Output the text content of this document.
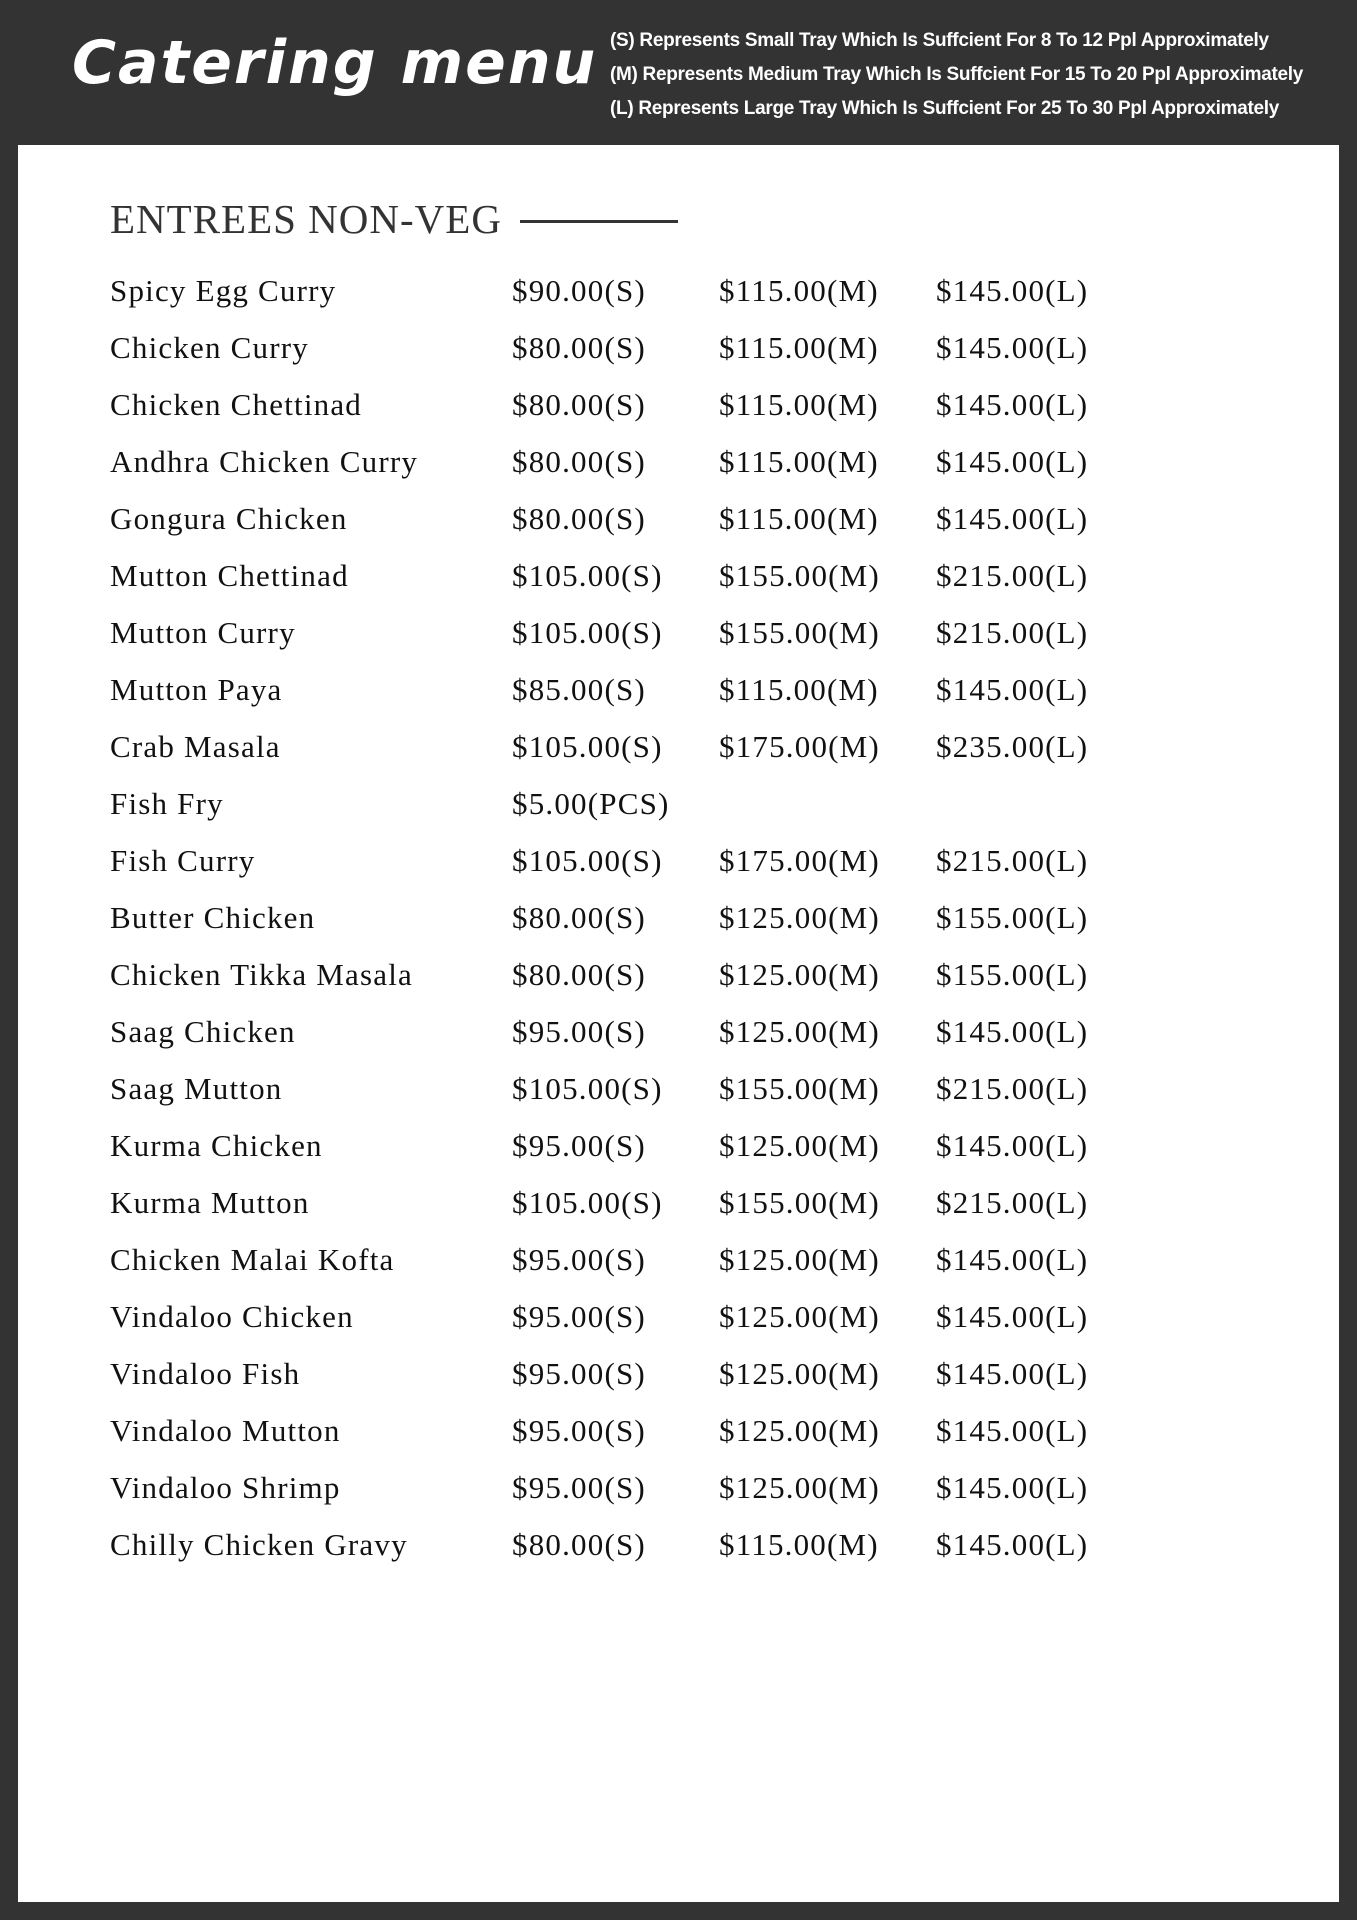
Catering menu (S) Represents Small Tray Which Is Suffcient For 8 To 12 Ppl Approximately
(M) Represents Medium Tray Which Is Suffcient For 15 To 20 Ppl Approximately
(L) Represents Large Tray Which Is Suffcient For 25 To 30 Ppl Approximately
ENTREES NON-VEG
Spicy Egg Curry	$90.00(S) $115.00(M) $145.00(L)
Chicken Curry	$80.00(S) $115.00(M) $145.00(L)
Chicken Chettinad	$80.00(S) $115.00(M) $145.00(L)
Andhra Chicken Curry	$80.00(S) $115.00(M) $145.00(L)
Gongura Chicken	$80.00(S) $115.00(M) $145.00(L)
Mutton Chettinad	$105.00(S) $155.00(M) $215.00(L)
Mutton Curry	$105.00(S) $155.00(M) $215.00(L)
Mutton Paya	$85.00(S) $115.00(M) $145.00(L)
Crab Masala	$105.00(S) $175.00(M) $235.00(L)
Fish Fry	$5.00(PCS)
Fish Curry	$105.00(S) $175.00(M) $215.00(L)
Butter Chicken	$80.00(S) $125.00(M) $155.00(L)
Chicken Tikka Masala	$80.00(S) $125.00(M) $155.00(L)
Saag Chicken	$95.00(S) $125.00(M) $145.00(L)
Saag Mutton	$105.00(S) $155.00(M) $215.00(L)
Kurma Chicken	$95.00(S) $125.00(M) $145.00(L)
Kurma Mutton	$105.00(S) $155.00(M) $215.00(L)
Chicken Malai Kofta	$95.00(S) $125.00(M) $145.00(L)
Vindaloo Chicken	$95.00(S) $125.00(M) $145.00(L)
Vindaloo Fish	$95.00(S) $125.00(M) $145.00(L)
Vindaloo Mutton	$95.00(S) $125.00(M) $145.00(L)
Vindaloo Shrimp	$95.00(S) $125.00(M) $145.00(L)
Chilly Chicken Gravy	$80.00(S) $115.00(M) $145.00(L)
